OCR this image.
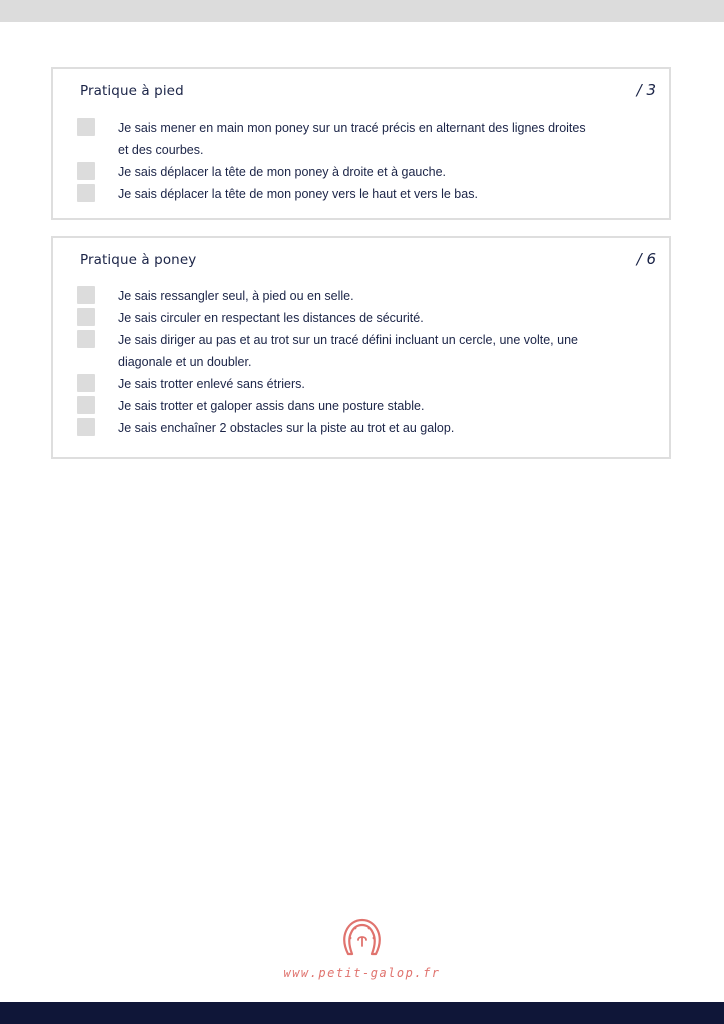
Pratique à pied	/ 3
Je sais mener en main mon poney sur un tracé précis en alternant des lignes droites et des courbes.
Je sais déplacer la tête de mon poney à droite et à gauche.
Je sais déplacer la tête de mon poney vers le haut et vers le bas.
Pratique à poney	/ 6
Je sais ressangler seul, à pied ou en selle.
Je sais circuler en respectant les distances de sécurité.
Je sais diriger au pas et au trot sur un tracé défini incluant un cercle, une volte, une diagonale et un doubler.
Je sais trotter enlevé sans étriers.
Je sais trotter et galoper assis dans une posture stable.
Je sais enchaîner 2 obstacles sur la piste au trot et au galop.
www.petit-galop.fr
